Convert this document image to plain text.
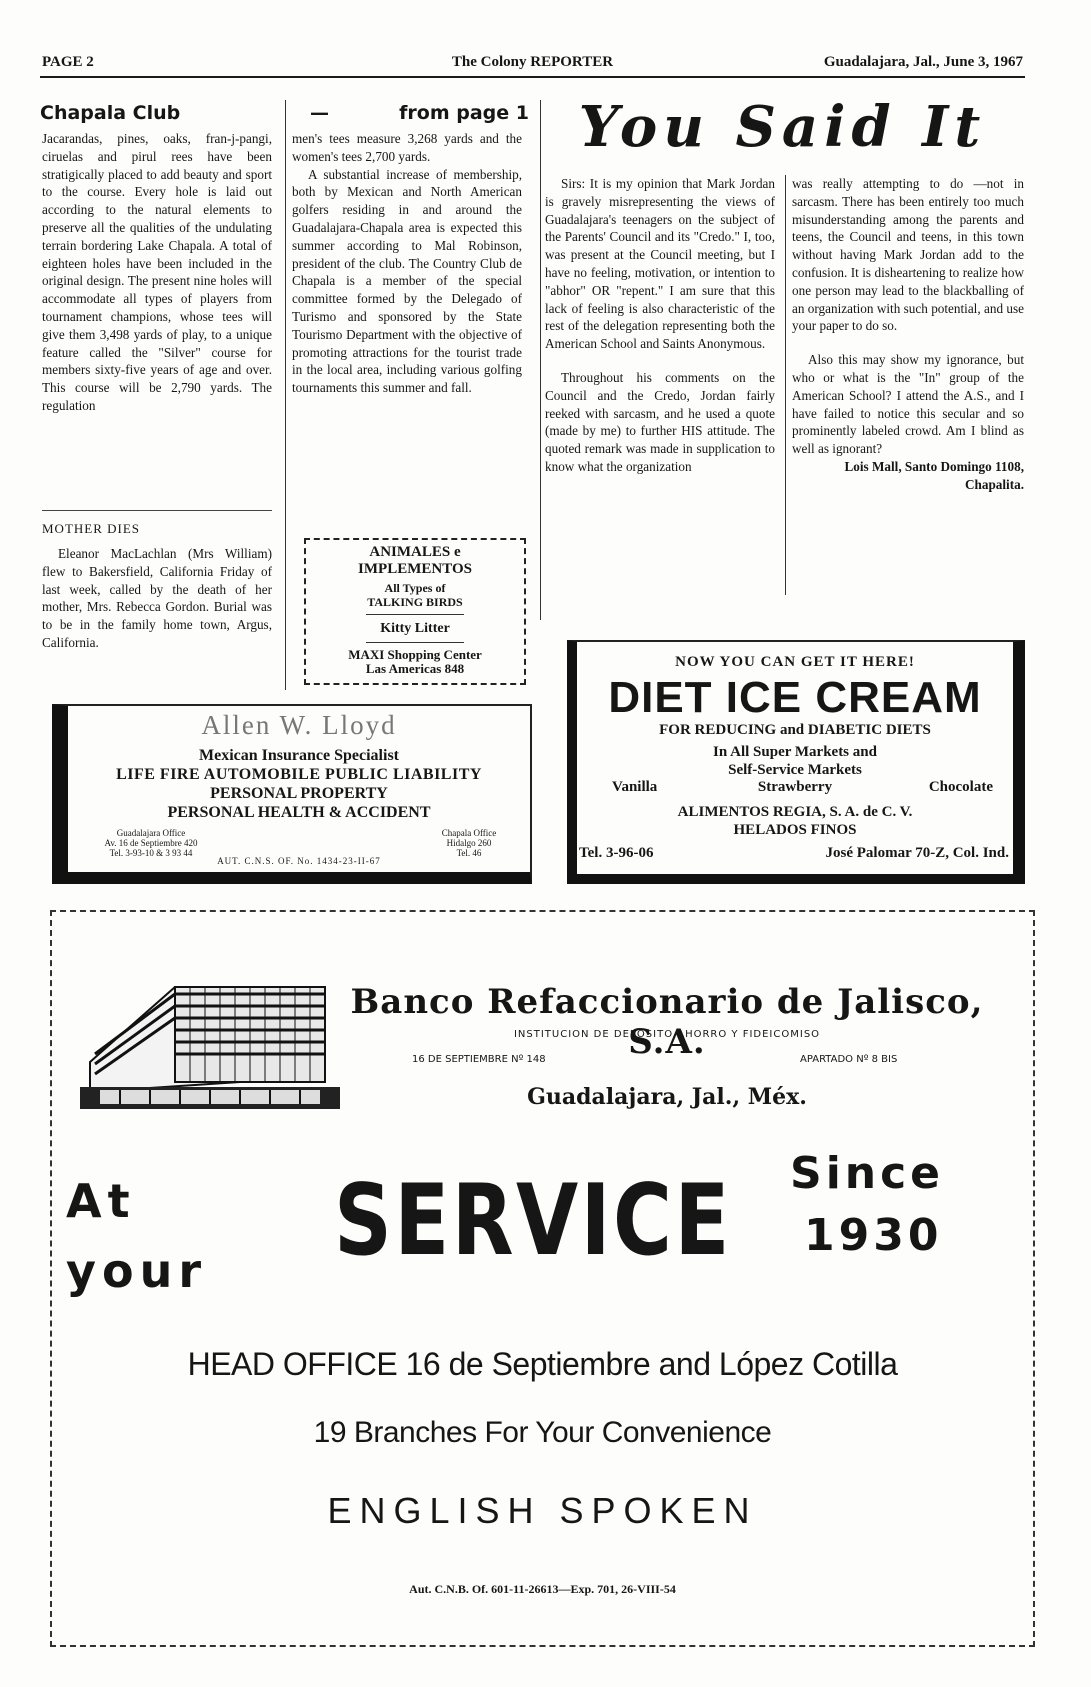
PAGE 2	The Colony REPORTER	Guadalajara, Jal., June 3, 1967
Chapala Club	—	from page 1

Jacarandas, pines, oaks, fran-​j-pangi, ciruelas and pirul rees have been stratigically placed to add beauty and sport to the course. Every hole is laid out according to the natural elements to preserve all the qualities of the undulating terrain bordering Lake Chapala. A total of eighteen holes have been included in the original design. The present nine holes will accommodate all types of players from tournament champions, whose tees will give them 3,498 yards of play, to a unique feature called the "Silver" course for members sixty-five years of age and over. This course will be 2,790 yards. The regulation

MOTHER DIES

Eleanor MacLachlan (Mrs William) flew to Bakersfield, California Friday of last week, called by the death of her mother, Mrs. Rebecca Gordon. Burial was to be in the family home town, Argus, California.

men's tees measure 3,268 yards and the women's tees 2,700 yards.

A substantial increase of membership, both by Mexican and North American golfers residing in and around the Guadalajara-Chapala area is expected this summer according to Mal Robinson, president of the club. The Country Club de Chapala is a member of the special committee formed by the Delegado of Turismo and sponsored by the State Tourismo Department with the objective of promoting attractions for the tourist trade in the local area, including various golfing tournaments this summer and fall.

ANIMALES e
IMPLEMENTOS
All Types of
TALKING BIRDS
Kitty Litter
MAXI Shopping Center
Las Americas 848
You Said It

Sirs: It is my opinion that Mark Jordan is gravely misrepresenting the views of Guadalajara's teenagers on the subject of the Parents' Council and its "Credo." I, too, was present at the Council meeting, but I have no feeling, motivation, or intention to "abhor" OR "repent." I am sure that this lack of feeling is also characteristic of the rest of the delegation representing both the American School and Saints Anonymous.

Throughout his comments on the Council and the Credo, Jordan fairly reeked with sarcasm, and he used a quote (made by me) to further HIS attitude. The quoted remark was made in supplication to know what the organization

was really attempting to do —not in sarcasm. There has been entirely too much misunderstanding among the parents and teens, the Council and teens, in this town without having Mark Jordan add to the confusion. It is disheartening to realize how one person may lead to the blackballing of an organization with such potential, and use your paper to do so.

Also this may show my ignorance, but who or what is the "In" group of the American School? I attend the A.S., and I have failed to notice this secular and so prominently labeled crowd. Am I blind as well as ignorant?

Lois Mall, Santo Domingo 1108, Chapalita.

Allen W. Lloyd
Mexican Insurance Specialist
LIFE FIRE AUTOMOBILE PUBLIC LIABILITY
PERSONAL PROPERTY
PERSONAL HEALTH & ACCIDENT
Guadalajara Office
Av. 16 de Septiembre 420
Tel. 3-93-10 & 3 93 44
Chapala Office
Hidalgo 260
Tel. 46
AUT. C.N.S. OF. No. 1434-23-II-67
NOW YOU CAN GET IT HERE!
DIET ICE CREAM
FOR REDUCING and DIABETIC DIETS
In All Super Markets and
Self-Service Markets
Vanilla	Strawberry	Chocolate
ALIMENTOS REGIA, S. A. de C. V.
HELADOS FINOS
Tel. 3-96-06	José Palomar 70-Z, Col. Ind.
Banco Refaccionario de Jalisco, S.A.
INSTITUCION DE DEPOSITO AHORRO Y FIDEICOMISO
16 DE SEPTIEMBRE Nº 148	APARTADO Nº 8 BIS
Guadalajara, Jal., Méx.
At
your SERVICE Since
1930
HEAD OFFICE 16 de Septiembre and López Cotilla
19 Branches For Your Convenience
ENGLISH SPOKEN
Aut. C.N.B. Of. 601-11-26613—Exp. 701, 26-VIII-54
